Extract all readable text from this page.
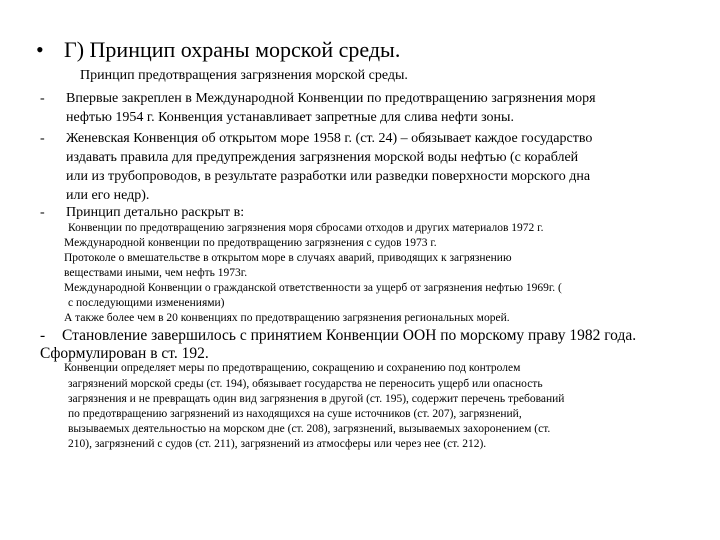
• Г) Принцип охраны морской среды.
Принцип предотвращения загрязнения морской среды.
- Впервые закреплен в Международной Конвенции по предотвращению загрязнения моря
нефтью 1954 г. Конвенция устанавливает запретные для слива нефти зоны.
- Женевская Конвенция об открытом море 1958 г. (ст. 24) – обязывает каждое государство
издавать правила для предупреждения загрязнения морской воды нефтью (с кораблей
или из трубопроводов, в результате разработки или разведки поверхности морского дна
или его недр).
- Принцип детально раскрыт в:
Конвенции по предотвращению загрязнения моря сбросами отходов и других материалов 1972 г.
Международной конвенции по предотвращению загрязнения с судов 1973 г.
Протоколе о вмешательстве в открытом море в случаях аварий, приводящих к загрязнению
веществами иными, чем нефть 1973г.
Международной Конвенции о гражданской ответственности за ущерб от загрязнения нефтью 1969г. (
с последующими изменениями)
А также более чем в 20 конвенциях по предотвращению загрязнения региональных морей.
- Становление завершилось с принятием Конвенции ООН по морскому праву 1982 года.
Сформулирован в ст. 192.
Конвенции определяет меры по предотвращению, сокращению и сохранению под контролем
загрязнений морской среды (ст. 194), обязывает государства не переносить ущерб или опасность
загрязнения и не превращать один вид загрязнения в другой (ст. 195), содержит перечень требований
по предотвращению загрязнений из находящихся на суше источников (ст. 207), загрязнений,
вызываемых деятельностью на морском дне (ст. 208), загрязнений, вызываемых захоронением (ст.
210), загрязнений с судов (ст. 211), загрязнений из атмосферы или через нее (ст. 212).
